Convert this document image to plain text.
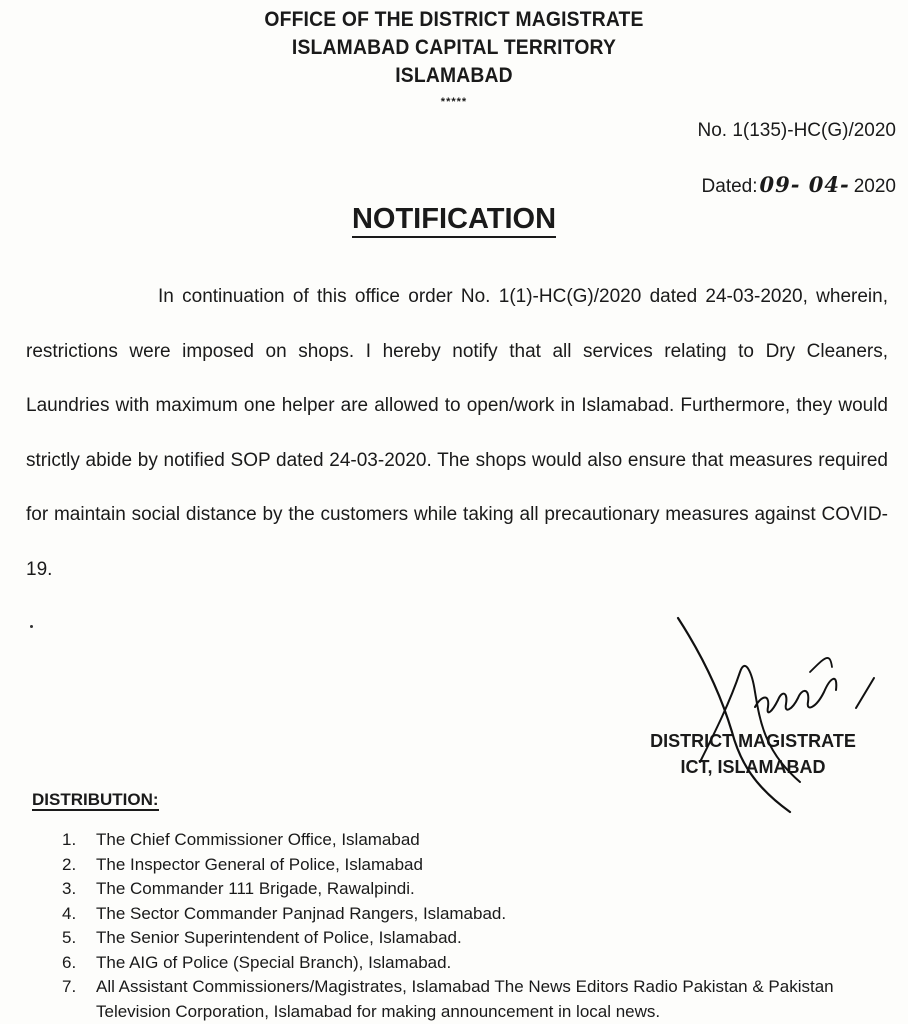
OFFICE OF THE DISTRICT MAGISTRATE
ISLAMABAD CAPITAL TERRITORY
ISLAMABAD
*****
No. 1(135)-HC(G)/2020
Dated:09- 04- 2020
NOTIFICATION

In continuation of this office order No. 1(1)-HC(G)/2020 dated 24-03-2020, wherein, restrictions were imposed on shops. I hereby notify that all services relating to Dry Cleaners, Laundries with maximum one helper are allowed to open/work in Islamabad. Furthermore, they would strictly abide by notified SOP dated 24-03-2020. The shops would also ensure that measures required for maintain social distance by the customers while taking all precautionary measures against COVID-19.

DISTRICT MAGISTRATE
ICT, ISLAMABAD
DISTRIBUTION:
1. The Chief Commissioner Office, Islamabad
2. The Inspector General of Police, Islamabad
3. The Commander 111 Brigade, Rawalpindi.
4. The Sector Commander Panjnad Rangers, Islamabad.
5. The Senior Superintendent of Police, Islamabad.
6. The AIG of Police (Special Branch), Islamabad.
7. All Assistant Commissioners/Magistrates, Islamabad The News Editors Radio Pakistan & Pakistan Television Corporation, Islamabad for making announcement in local news.
